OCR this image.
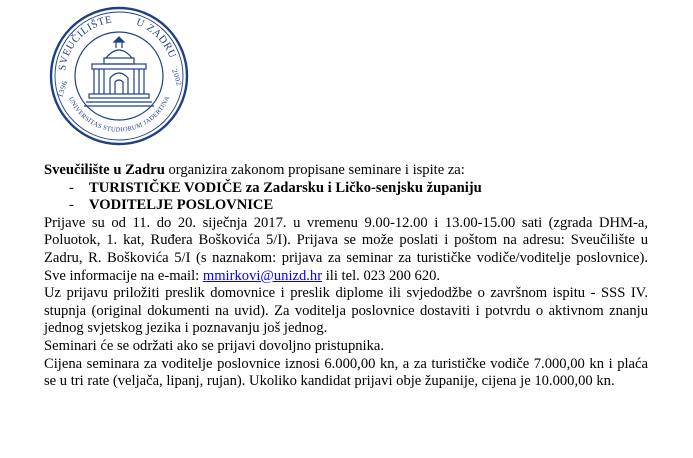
SVEUČILIŠTE U ZADRU
UNIVERSITAS STUDIORUM JADERTINA
1396
2002

Sveučilište u Zadru organizira zakonom propisane seminare i ispite za:

-	TURISTIČKE VODIČE za Zadarsku i Ličko-senjsku županiju
-	VODITELJE POSLOVNICE

Prijave su od 11. do 20. siječnja 2017. u vremenu 9.00-12.00 i 13.00-15.00 sati (zgrada DHM-a, Poluotok, 1. kat, Ruđera Boškovića 5/I). Prijava se može poslati i poštom na adresu: Sveučilište u Zadru, R. Boškovića 5/I (s naznakom: prijava za seminar za turističke vodiče/voditelje poslovnice). Sve informacije na e-mail: mmirkovi@unizd.hr ili tel. 023 200 620.

Uz prijavu priložiti preslik domovnice i preslik diplome ili svjedodžbe o završnom ispitu - SSS IV. stupnja (original dokumenti na uvid). Za voditelja poslovnice dostaviti i potvrdu o aktivnom znanju jednog svjetskog jezika i poznavanju još jednog.

Seminari će se održati ako se prijavi dovoljno pristupnika.

Cijena seminara za voditelje poslovnice iznosi 6.000,00 kn, a za turističke vodiče 7.000,00 kn i plaća se u tri rate (veljača, lipanj, rujan). Ukoliko kandidat prijavi obje županije, cijena je 10.000,00 kn.
